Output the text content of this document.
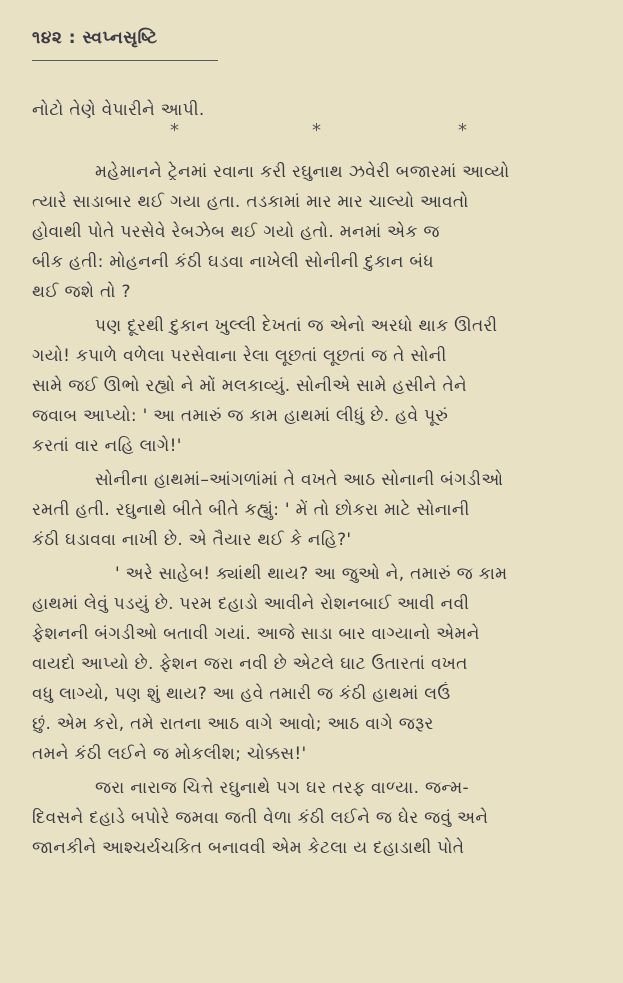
૧૪૨ : સ્વપ્નસૃષ્ટિ
નોટો તેણે વેપારીને આપી.
*	*	*
મહેમાનને ટ્રેનમાં રવાના કરી રઘુનાથ ઝવેરી બજારમાં આવ્યો
ત્યારે સાડાબાર થઈ ગયા હતા. તડકામાં માર માર ચાલ્યો આવતો
હોવાથી પોતે પરસેવે રેબઝેબ થઈ ગયો હતો. મનમાં એક જ
બીક હતી: મોહનની કંઠી ઘડવા નાખેલી સોનીની દુકાન બંધ
થઈ જશે તો ?
પણ દૂરથી દુકાન ખુલ્લી દેખતાં જ એનો અરધો થાક ઊતરી
ગયો! કપાળે વળેલા પરસેવાના રેલા લૂછતાં લૂછતાં જ તે સોની
સામે જઈ ઊભો રહ્યો ને મોં મલકાવ્યું. સોનીએ સામે હસીને તેને
જવાબ આપ્યો: ' આ તમારું જ કામ હાથમાં લીધું છે. હવે પૂરું
કરતાં વાર નહિ લાગે!'
સોનીના હાથમાં–આંગળાંમાં તે વખતે આઠ સોનાની બંગડીઓ
રમતી હતી. રઘુનાથે બીતે બીતે કહ્યું: ' મેં તો છોકરા માટે સોનાની
કંઠી ઘડાવવા નાખી છે. એ તૈયાર થઈ કે નહિ?'
' અરે સાહેબ! ક્યાંથી થાય? આ જુઓ ને, તમારું જ કામ
હાથમાં લેવું પડયું છે. પરમ દહાડો આવીને રોશનબાઈ આવી નવી
ફેશનની બંગડીઓ બતાવી ગયાં. આજે સાડા બાર વાગ્યાનો એમને
વાયદો આપ્યો છે. ફેશન જરા નવી છે એટલે ઘાટ ઉતારતાં વખત
વધુ લાગ્યો, પણ શું થાય? આ હવે તમારી જ કંઠી હાથમાં લઉં
છું. એમ કરો, તમે રાતના આઠ વાગે આવો; આઠ વાગે જરૂર
તમને કંઠી લઈને જ મોકલીશ; ચોક્કસ!'
જરા નારાજ ચિત્તે રઘુનાથે પગ ઘર તરફ વાળ્યા. જન્મ-
દિવસને દહાડે બપોરે જમવા જતી વેળા કંઠી લઈને જ ઘેર જવું અને
જાનકીને આશ્ચર્યચકિત બનાવવી એમ કેટલા ય દહાડાથી પોતે
